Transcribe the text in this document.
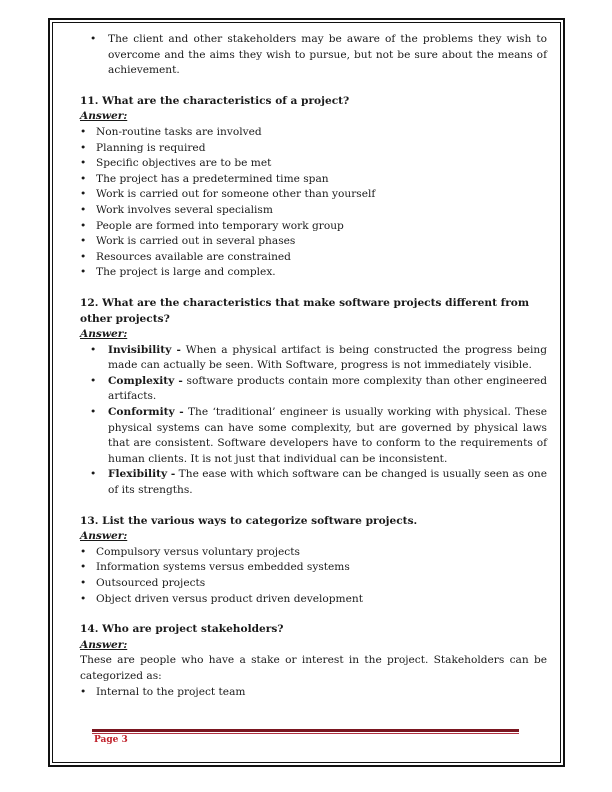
• The client and other stakeholders may be aware of the problems they wish to overcome and the aims they wish to pursue, but not be sure about the means of achievement.

11. What are the characteristics of a project?

Answer:

• Non-routine tasks are involved
• Planning is required
• Specific objectives are to be met
• The project has a predetermined time span
• Work is carried out for someone other than yourself
• Work involves several specialism
• People are formed into temporary work group
• Work is carried out in several phases
• Resources available are constrained
• The project is large and complex.

12. What are the characteristics that make software projects different from other projects?

Answer:

• Invisibility - When a physical artifact is being constructed the progress being made can actually be seen. With Software, progress is not immediately visible.
• Complexity - software products contain more complexity than other engineered artifacts.
• Conformity - The ‘traditional’ engineer is usually working with physical. These physical systems can have some complexity, but are governed by physical laws that are consistent. Software developers have to conform to the requirements of human clients. It is not just that individual can be inconsistent.
• Flexibility - The ease with which software can be changed is usually seen as one of its strengths.

13. List the various ways to categorize software projects.

Answer:

• Compulsory versus voluntary projects
• Information systems versus embedded systems
• Outsourced projects
• Object driven versus product driven development

14. Who are project stakeholders?

Answer:

These are people who have a stake or interest in the project. Stakeholders can be categorized as:

• Internal to the project team
Page 3
